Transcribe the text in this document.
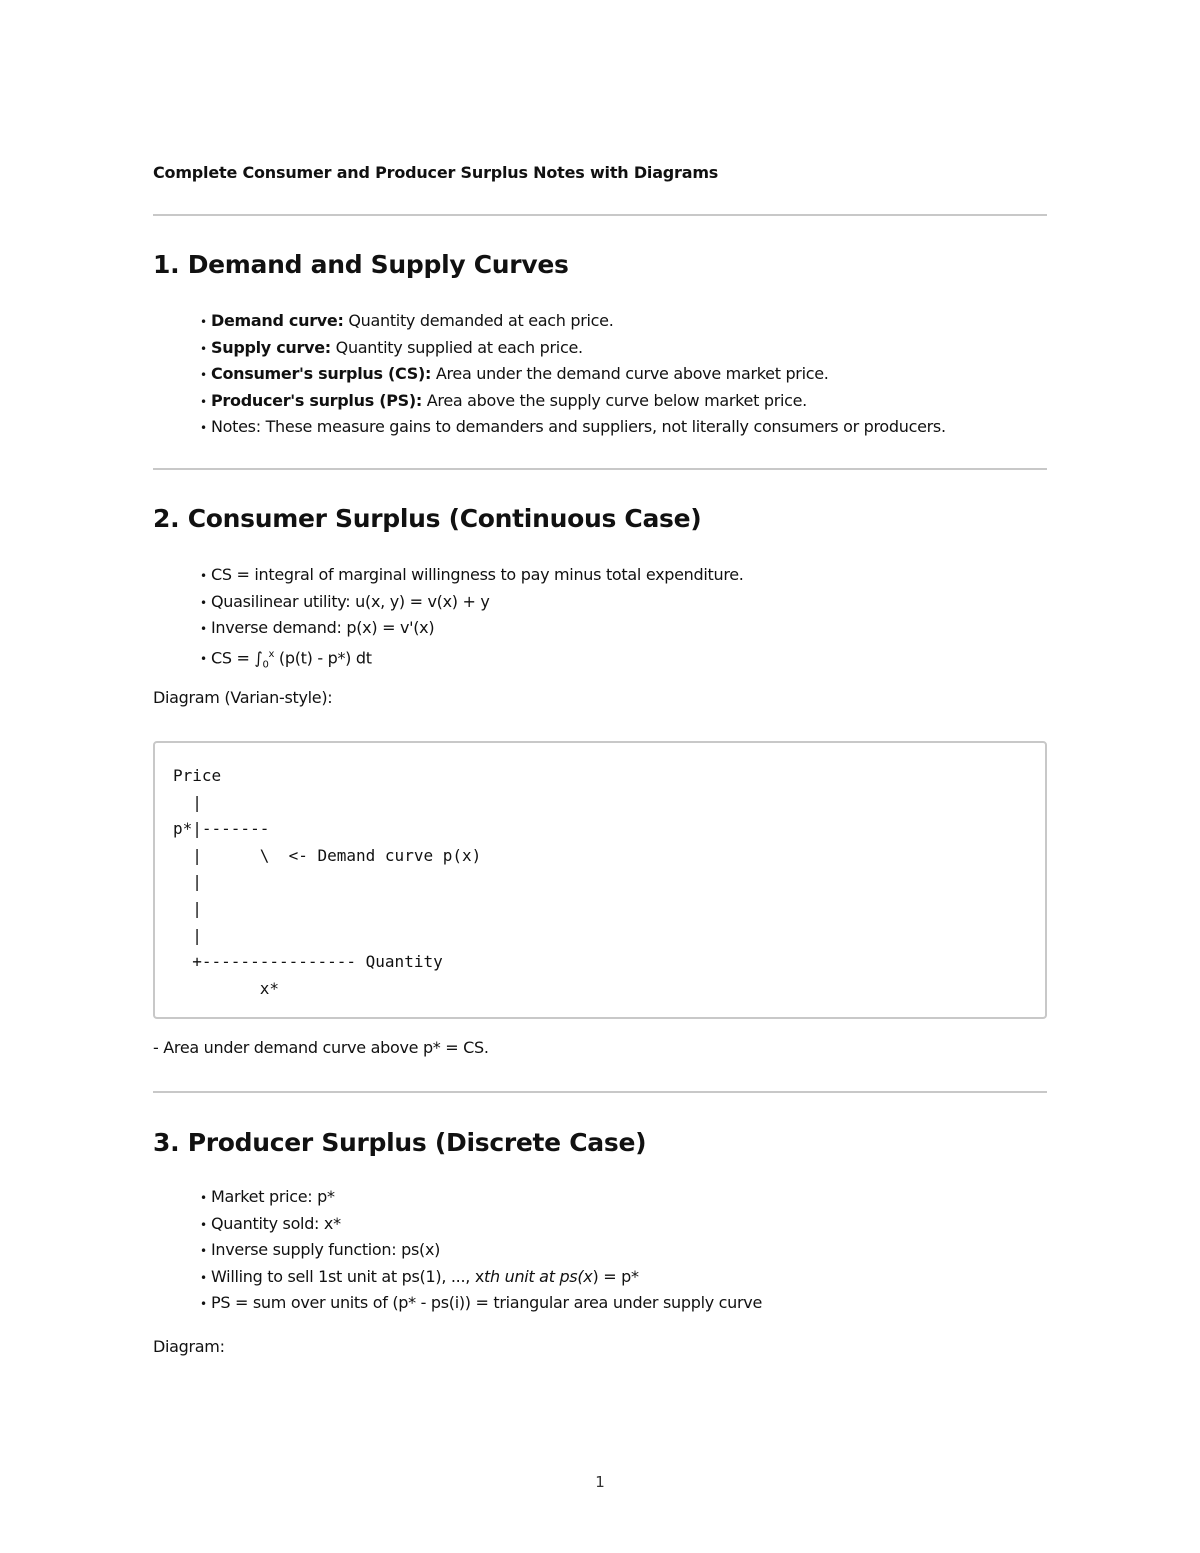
Complete Consumer and Producer Surplus Notes with Diagrams
1. Demand and Supply Curves
• Demand curve: Quantity demanded at each price.
• Supply curve: Quantity supplied at each price.
• Consumer's surplus (CS): Area under the demand curve above market price.
• Producer's surplus (PS): Area above the supply curve below market price.
• Notes: These measure gains to demanders and suppliers, not literally consumers or producers.
2. Consumer Surplus (Continuous Case)
• CS = integral of marginal willingness to pay minus total expenditure.
• Quasilinear utility: u(x, y) = v(x) + y
• Inverse demand: p(x) = v'(x)
• CS = $\int_0^x$ (p(t) - p*) dt

Diagram (Varian-style):

Price
|
p*|-------
|      \  <- Demand curve p(x)
|
|
|
+---------------- Quantity
x*

- Area under demand curve above p* = CS.

3. Producer Surplus (Discrete Case)
• Market price: p*
• Quantity sold: x*
• Inverse supply function: ps(x)
• Willing to sell 1st unit at ps(1), ..., xth unit at ps(x) = p*
• PS = sum over units of (p* - ps(i)) = triangular area under supply curve

Diagram:

1
